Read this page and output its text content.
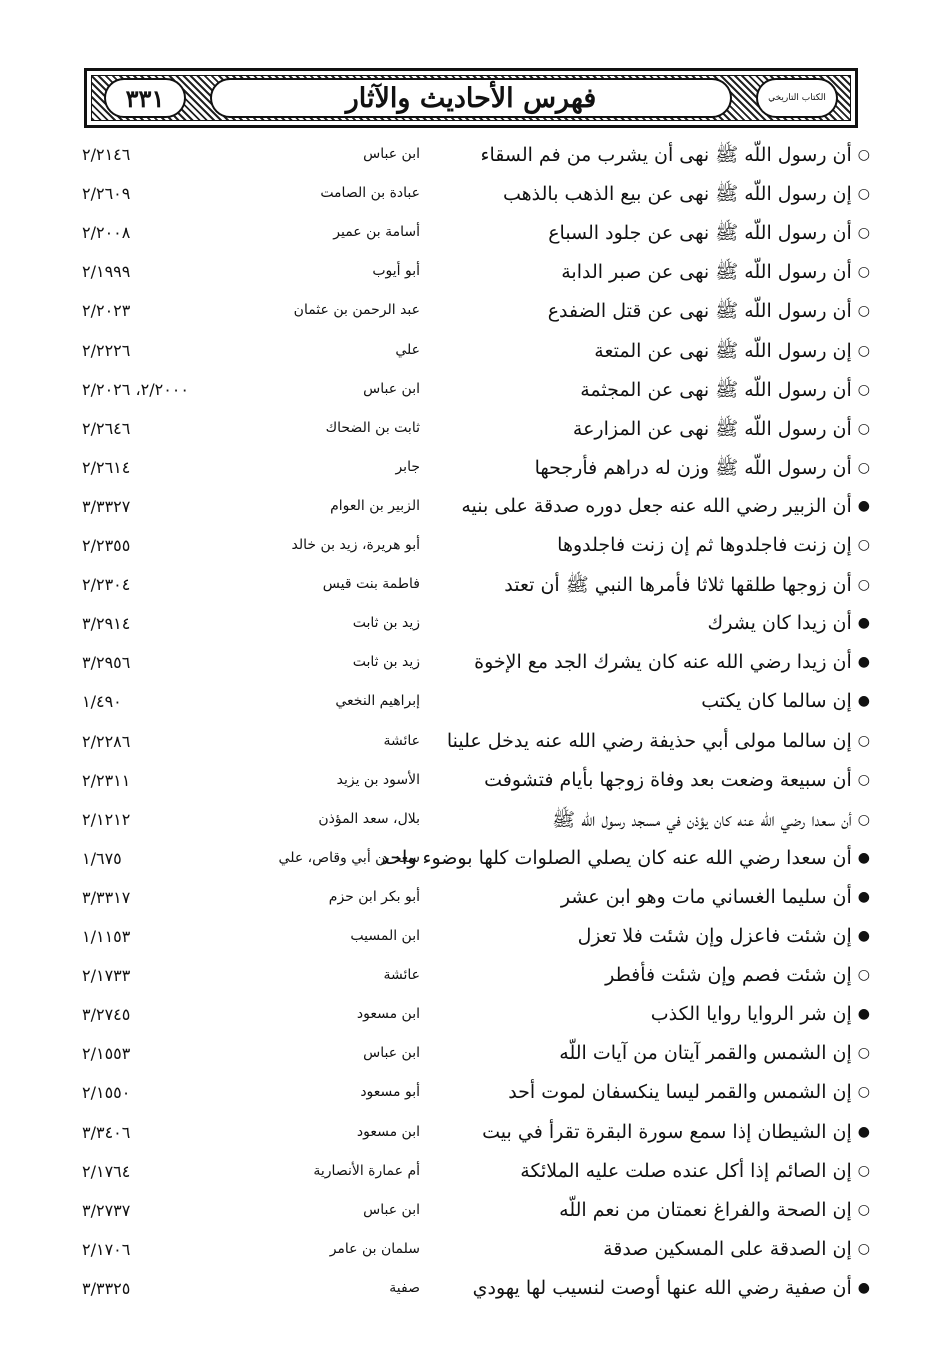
٣٣١	فهرس الأحاديث والآثار	الكتاب التاريخي
○أن رسول اللّه ﷺ نهى أن يشرب من فم السقاء
ابن عباس
٢/٢١٤٦
○إن رسول اللّه ﷺ نهى عن بيع الذهب بالذهب
عبادة بن الصامت
٢/٢٦٠٩
○أن رسول اللّه ﷺ نهى عن جلود السباع
أسامة بن عمير
٢/٢٠٠٨
○أن رسول اللّه ﷺ نهى عن صبر الدابة
أبو أيوب
٢/١٩٩٩
○أن رسول اللّه ﷺ نهى عن قتل الضفدع
عبد الرحمن بن عثمان
٢/٢٠٢٣
○إن رسول اللّه ﷺ نهى عن المتعة
علي
٢/٢٢٢٦
○أن رسول اللّه ﷺ نهى عن المجثمة
ابن عباس
٢/٢٠٠٠، ٢/٢٠٢٦
○أن رسول اللّه ﷺ نهى عن المزارعة
ثابت بن الضحاك
٢/٢٦٤٦
○أن رسول اللّه ﷺ وزن له دراهم فأرجحها
جابر
٢/٢٦١٤
●أن الزبير رضي الله عنه جعل دوره صدقة على بنيه
الزبير بن العوام
٣/٣٣٢٧
○إن زنت فاجلدوها ثم إن زنت فاجلدوها
أبو هريرة، زيد بن خالد
٢/٢٣٥٥
○أن زوجها طلقها ثلاثا فأمرها النبي ﷺ أن تعتد
فاطمة بنت قيس
٢/٢٣٠٤
●أن زيدا كان يشرك
زيد بن ثابت
٣/٢٩١٤
●أن زيدا رضي الله عنه كان يشرك الجد مع الإخوة
زيد بن ثابت
٣/٢٩٥٦
●إن سالما كان يكتب
إبراهيم النخعي
١/٤٩٠
○إن سالما مولى أبي حذيفة رضي الله عنه يدخل علينا
عائشة
٢/٢٢٨٦
○أن سبيعة وضعت بعد وفاة زوجها بأيام فتشوفت
الأسود بن يزيد
٢/٢٣١١
○أن سعدا رضي الله عنه كان يؤذن في مسجد رسول اللّه ﷺ
بلال، سعد المؤذن
٢/١٢١٢
●أن سعدا رضي الله عنه كان يصلي الصلوات كلها بوضوء واحد
سعد بن أبي وقاص، علي
١/٦٧٥
●أن سليما الغساني مات وهو ابن عشر
أبو بكر ابن حزم
٣/٣٣١٧
●إن شئت فاعزل وإن شئت فلا تعزل
ابن المسيب
١/١١٥٣
○إن شئت فصم وإن شئت فأفطر
عائشة
٢/١٧٣٣
●إن شر الروايا روايا الكذب
ابن مسعود
٣/٢٧٤٥
○إن الشمس والقمر آيتان من آيات اللّه
ابن عباس
٢/١٥٥٣
○إن الشمس والقمر ليسا ينكسفان لموت أحد
أبو مسعود
٢/١٥٥٠
●إن الشيطان إذا سمع سورة البقرة تقرأ في بيت
ابن مسعود
٣/٣٤٠٦
○إن الصائم إذا أكل عنده صلت عليه الملائكة
أم عمارة الأنصارية
٢/١٧٦٤
○إن الصحة والفراغ نعمتان من نعم اللّه
ابن عباس
٣/٢٧٣٧
○إن الصدقة على المسكين صدقة
سلمان بن عامر
٢/١٧٠٦
●أن صفية رضي الله عنها أوصت لنسيب لها يهودي
صفية
٣/٣٣٢٥
